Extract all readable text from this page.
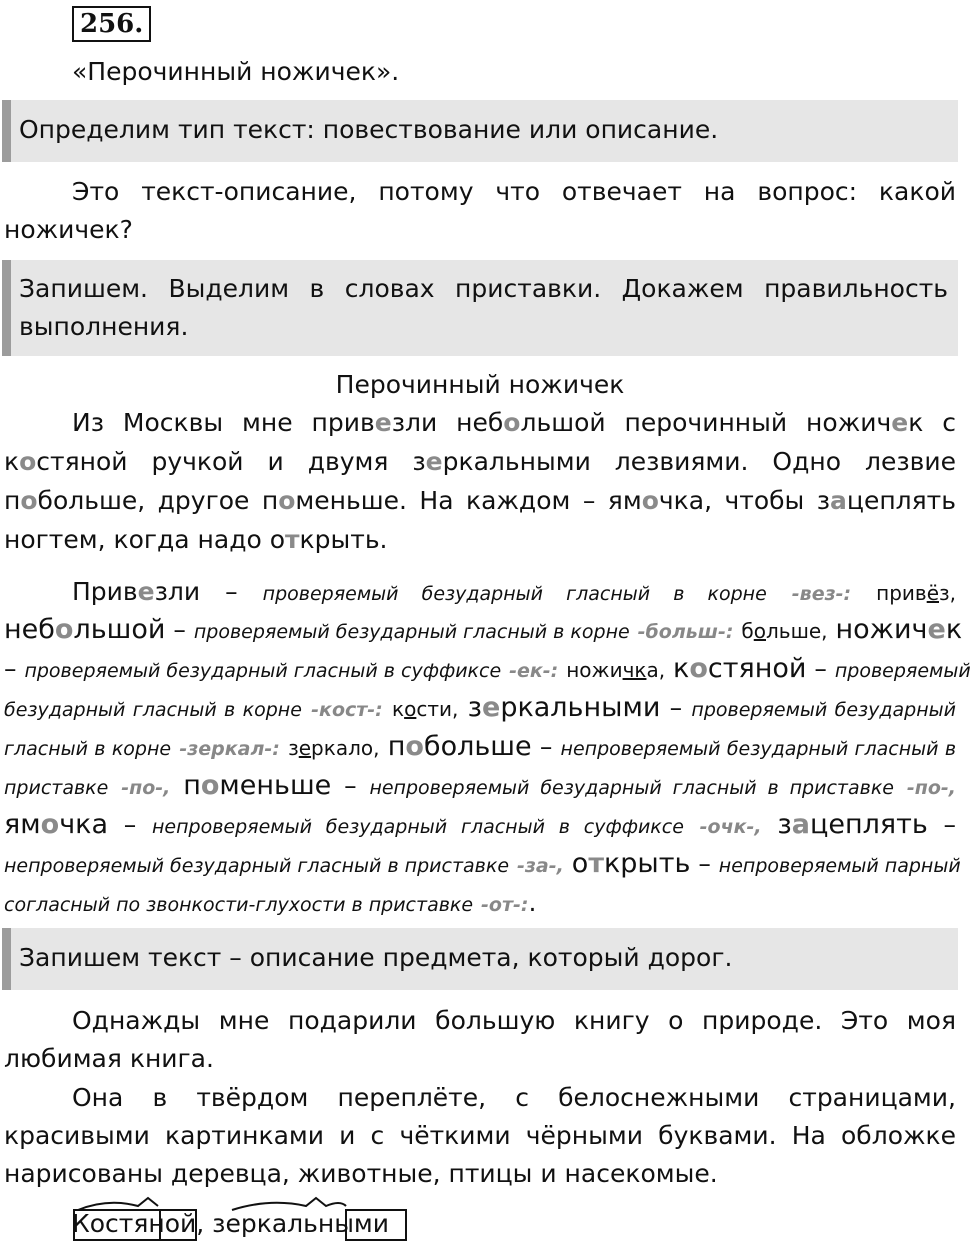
256.
«Перочинный ножичек».
Определим тип текст: повествование или описание.
Это текст-описание, потому что отвечает на вопрос: какой
ножичек?
Запишем. Выделим в словах приставки. Докажем правильность
выполнения.
Перочинный ножичек
Из Москвы мне привезли небольшой перочинный ножичек с
костяной ручкой и двумя зеркальными лезвиями. Одно лезвие
побольше, другое поменьше. На каждом – ямочка, чтобы зацеплять
ногтем, когда надо открыть.
Привезли – проверяемый безударный гласный в корне -вез-: привёз,
небольшой – проверяемый безударный гласный в корне -больш-: больше, ножичек
– проверяемый безударный гласный в суффиксе -ек-: ножичка, костяной – проверяемый
безударный гласный в корне -кост-: кости, зеркальными – проверяемый безударный
гласный в корне -зеркал-: зеркало, побольше – непроверяемый безударный гласный в
приставке -по-, поменьше – непроверяемый безударный гласный в приставке -по-,
ямочка – непроверяемый безударный гласный в суффиксе -очк-, зацеплять –
непроверяемый безударный гласный в приставке -за-, открыть – непроверяемый парный
согласный по звонкости-глухости в приставке -от-:.
Запишем текст – описание предмета, который дорог.
Однажды мне подарили большую книгу о природе. Это моя
любимая книга.
Она в твёрдом переплёте, с белоснежными страницами,
красивыми картинками и с чёткими чёрными буквами. На обложке
нарисованы деревца, животные, птицы и насекомые.
Костяной, зеркальными
